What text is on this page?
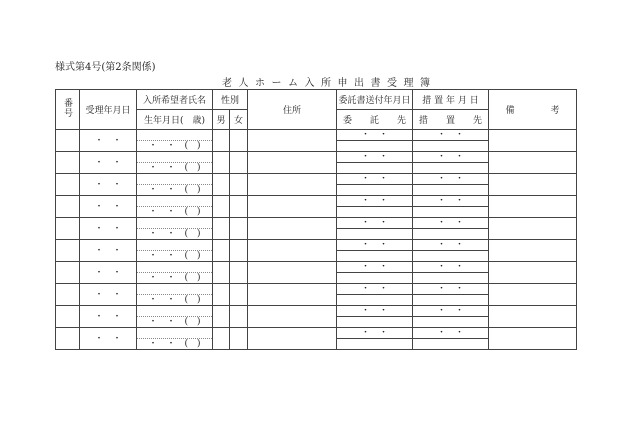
様式第4号(第2条関係)
老人ホーム入所申出書受理簿
番号	受理年月日	入所希望者氏名	性別		住所	委託書送付年月日	措 置 年 月 日	備　　　　考
		生年月日(　歳)	男	女		委　　託　　先	措　　置　　先	
	・　・					・　・	・　・	
		・　・　(　)						
	・　・					・　・	・　・	
		・　・　(　)						
	・　・					・　・	・　・	
		・　・　(　)						
	・　・					・　・	・　・	
		・　・　(　)						
	・　・					・　・	・　・	
		・　・　(　)						
	・　・					・　・	・　・	
		・　・　(　)						
	・　・					・　・	・　・	
		・　・　(　)						
	・　・					・　・	・　・	
		・　・　(　)						
	・　・					・　・	・　・	
		・　・　(　)						
	・　・					・　・	・　・	
		・　・　(　)						
